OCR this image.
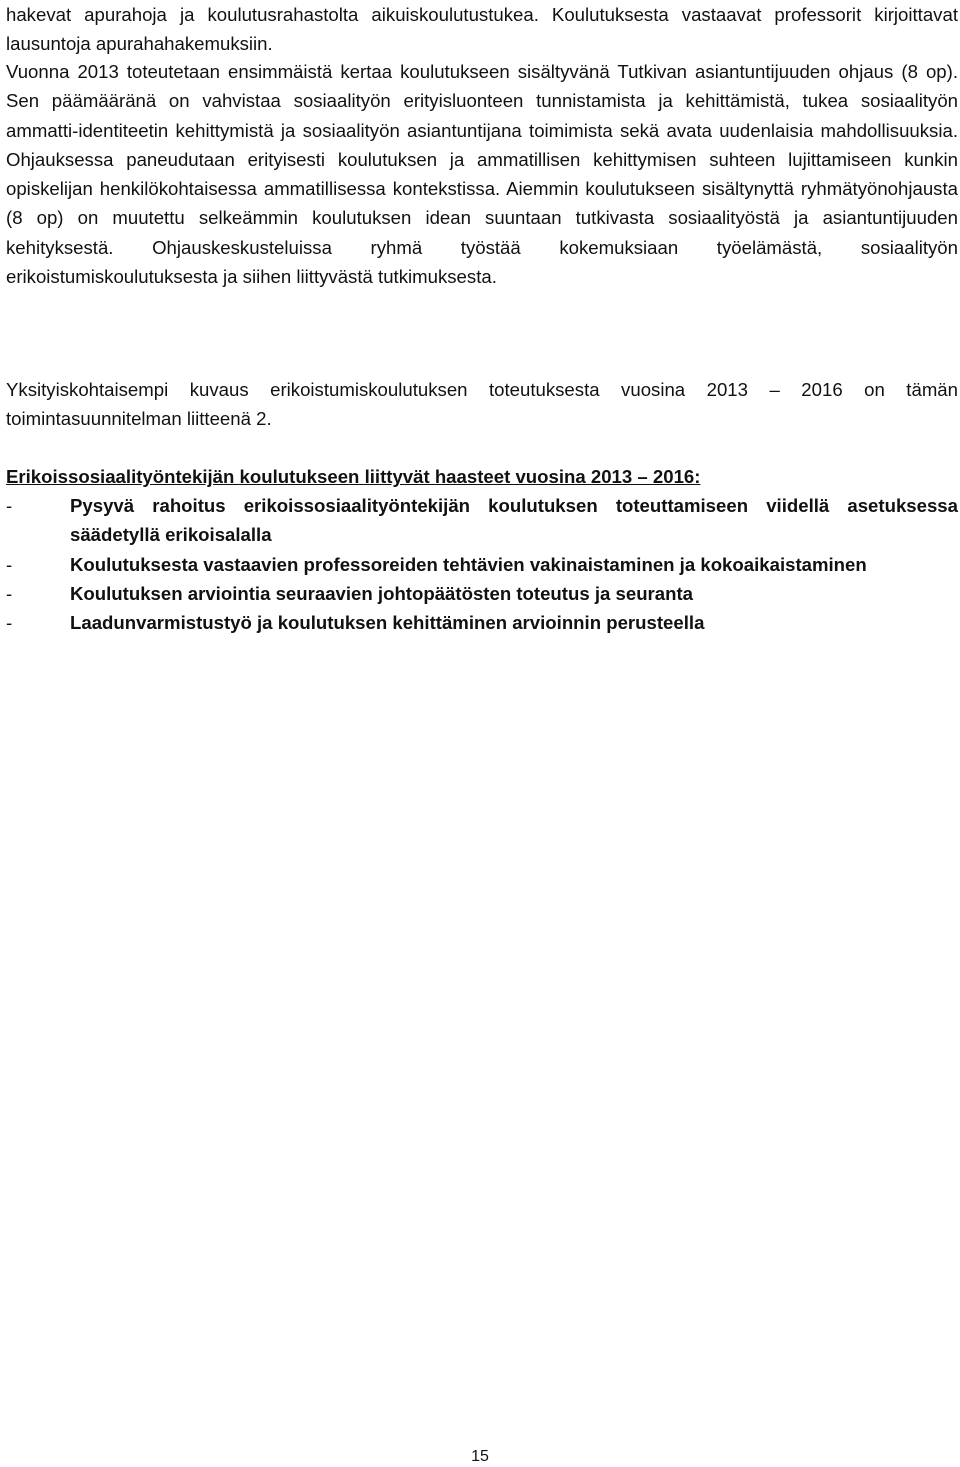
hakevat apurahoja ja koulutusrahastolta aikuiskoulutustukea. Koulutuksesta vastaavat professorit kirjoittavat lausuntoja apurahahakemuksiin.

Vuonna 2013 toteutetaan ensimmäistä kertaa koulutukseen sisältyvänä Tutkivan asiantuntijuuden ohjaus (8 op). Sen päämääränä on vahvistaa sosiaalityön erityisluonteen tunnistamista ja kehittämistä, tukea sosiaalityön ammatti-identiteetin kehittymistä ja sosiaalityön asiantuntijana toimimista sekä avata uudenlaisia mahdollisuuksia. Ohjauksessa paneudutaan erityisesti koulutuksen ja ammatillisen kehittymisen suhteen lujittamiseen kunkin opiskelijan henkilökohtaisessa ammatillisessa kontekstissa. Aiemmin koulutukseen sisältynyttä ryhmätyönohjausta (8 op) on muutettu selkeämmin koulutuksen idean suuntaan tutkivasta sosiaalityöstä ja asiantuntijuuden kehityksestä. Ohjauskeskusteluissa ryhmä työstää kokemuksiaan työelämästä, sosiaalityön erikoistumiskoulutuksesta ja siihen liittyvästä tutkimuksesta.

Yksityiskohtaisempi kuvaus erikoistumiskoulutuksen toteutuksesta vuosina 2013 – 2016 on tämän toimintasuunnitelman liitteenä 2.

Erikoissosiaalityöntekijän koulutukseen liittyvät haasteet vuosina 2013 – 2016:

-	Pysyvä rahoitus erikoissosiaalityöntekijän koulutuksen toteuttamiseen viidellä asetuksessa säädetyllä erikoisalalla
-	Koulutuksesta vastaavien professoreiden tehtävien vakinaistaminen ja kokoaikaistaminen
-	Koulutuksen arviointia seuraavien johtopäätösten toteutus ja seuranta
-	Laadunvarmistustyö ja koulutuksen kehittäminen arvioinnin perusteella
15
